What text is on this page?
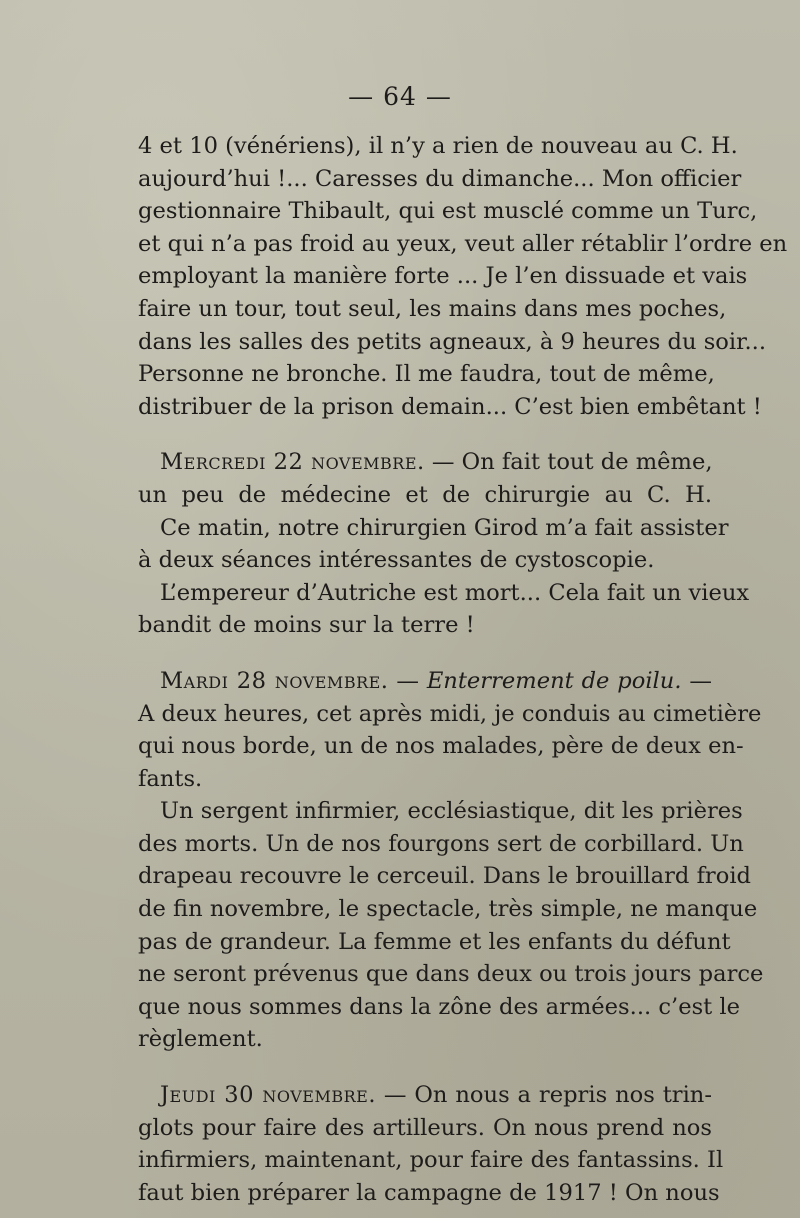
— 64 —
4 et 10 (vénériens), il n’y a rien de nouveau au C. H.
aujourd’hui !... Caresses du dimanche... Mon officier
gestionnaire Thibault, qui est musclé comme un Turc,
et qui n’a pas froid au yeux, veut aller rétablir l’ordre en
employant la manière forte ... Je l’en dissuade et vais
faire un tour, tout seul, les mains dans mes poches,
dans les salles des petits agneaux, à 9 heures du soir...
Personne ne bronche. Il me faudra, tout de même,
distribuer de la prison demain... C’est bien embêtant !
Mercredi 22 novembre. — On fait tout de même,
un peu de médecine et de chirurgie au C. H.
Ce matin, notre chirurgien Girod m’a fait assister
à deux séances intéressantes de cystoscopie.
L’empereur d’Autriche est mort... Cela fait un vieux
bandit de moins sur la terre !
Mardi 28 novembre. — Enterrement de poilu. —
A deux heures, cet après midi, je conduis au cimetière
qui nous borde, un de nos malades, père de deux en-
fants.
Un sergent infirmier, ecclésiastique, dit les prières
des morts. Un de nos fourgons sert de corbillard. Un
drapeau recouvre le cerceuil. Dans le brouillard froid
de fin novembre, le spectacle, très simple, ne manque
pas de grandeur. La femme et les enfants du défunt
ne seront prévenus que dans deux ou trois jours parce
que nous sommes dans la zône des armées... c’est le
règlement.
Jeudi 30 novembre. — On nous a repris nos trin-
glots pour faire des artilleurs. On nous prend nos
infirmiers, maintenant, pour faire des fantassins. Il
faut bien préparer la campagne de 1917 ! On nous
